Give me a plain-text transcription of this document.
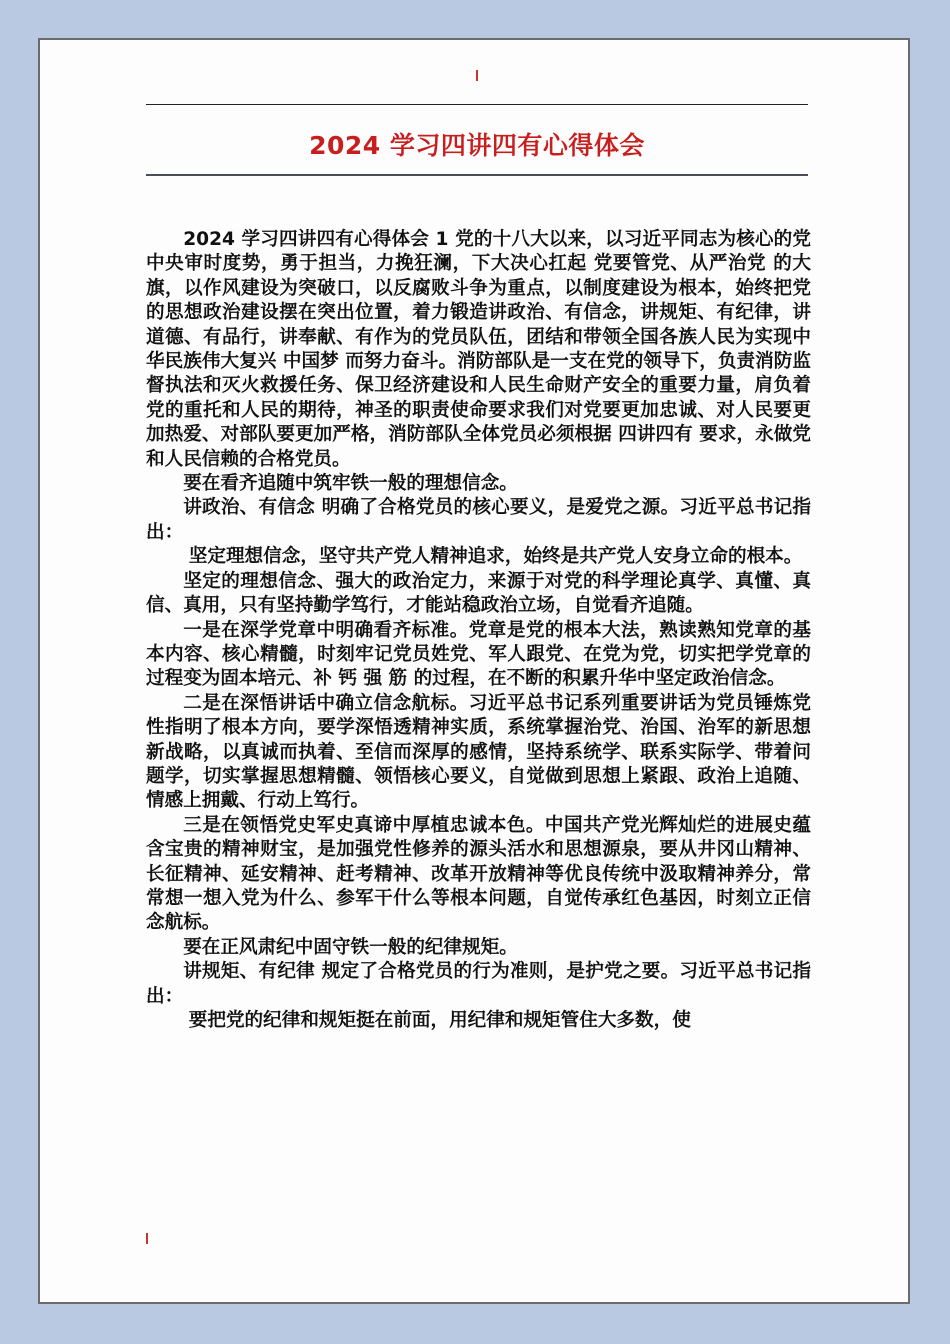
2024 学习四讲四有心得体会

2024 学习四讲四有心得体会 1 党的十八大以来，以习近平同志为核心的党中央审时度势，勇于担当，力挽狂澜，下大决心扛起 党要管党、从严治党 的大旗，以作风建设为突破口，以反腐败斗争为重点，以制度建设为根本，始终把党的思想政治建设摆在突出位置，着力锻造讲政治、有信念，讲规矩、有纪律，讲道德、有品行，讲奉献、有作为的党员队伍，团结和带领全国各族人民为实现中华民族伟大复兴 中国梦 而努力奋斗。消防部队是一支在党的领导下，负责消防监督执法和灭火救援任务、保卫经济建设和人民生命财产安全的重要力量，肩负着党的重托和人民的期待，神圣的职责使命要求我们对党要更加忠诚、对人民要更加热爱、对部队要更加严格，消防部队全体党员必须根据 四讲四有 要求，永做党和人民信赖的合格党员。

要在看齐追随中筑牢铁一般的理想信念。

讲政治、有信念 明确了合格党员的核心要义，是爱党之源。习近平总书记指出：

坚定理想信念，坚守共产党人精神追求，始终是共产党人安身立命的根本。

坚定的理想信念、强大的政治定力，来源于对党的科学理论真学、真懂、真信、真用，只有坚持勤学笃行，才能站稳政治立场，自觉看齐追随。

一是在深学党章中明确看齐标准。党章是党的根本大法，熟读熟知党章的基本内容、核心精髓，时刻牢记党员姓党、军人跟党、在党为党，切实把学党章的过程变为固本培元、补 钙 强 筋 的过程，在不断的积累升华中坚定政治信念。

二是在深悟讲话中确立信念航标。习近平总书记系列重要讲话为党员锤炼党性指明了根本方向，要学深悟透精神实质，系统掌握治党、治国、治军的新思想新战略，以真诚而执着、至信而深厚的感情，坚持系统学、联系实际学、带着问题学，切实掌握思想精髓、领悟核心要义，自觉做到思想上紧跟、政治上追随、情感上拥戴、行动上笃行。

三是在领悟党史军史真谛中厚植忠诚本色。中国共产党光辉灿烂的进展史蕴含宝贵的精神财宝，是加强党性修养的源头活水和思想源泉，要从井冈山精神、长征精神、延安精神、赶考精神、改革开放精神等优良传统中汲取精神养分，常常想一想入党为什么、参军干什么等根本问题，自觉传承红色基因，时刻立正信念航标。

要在正风肃纪中固守铁一般的纪律规矩。

讲规矩、有纪律 规定了合格党员的行为准则，是护党之要。习近平总书记指出：

要把党的纪律和规矩挺在前面，用纪律和规矩管住大多数，使
